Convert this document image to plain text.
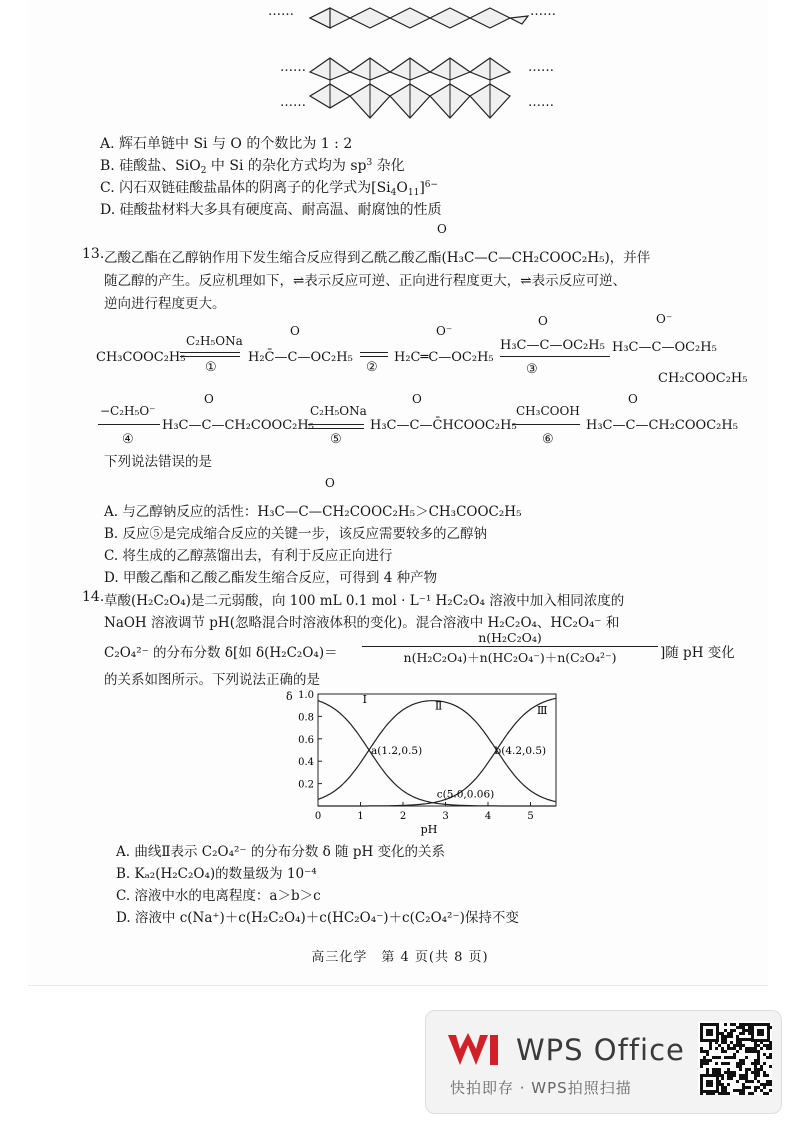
……	……
……	……
……	……
A. 辉石单链中 Si 与 O 的个数比为 1 : 2
B. 硅酸盐、SiO$_2$ 中 Si 的杂化方式均为 $sp^3$ 杂化
C. 闪石双链硅酸盐晶体的阴离子的化学式为$[Si_4O_{11}]^{6-}$
D. 硅酸盐材料大多具有硬度高、耐高温、耐腐蚀的性质
O
13. 乙酸乙酯在乙醇钠作用下发生缩合反应得到乙酰乙酸乙酯(H₃C—C—CH₂COOC₂H₅)，并伴
随乙醇的产生。反应机理如下，⇌表示反应可逆、正向进行程度更大，⇌表示反应可逆、
逆向进行程度更大。
CH₃COOC₂H₅
C₂H₅ONa
①
O
H₂C̄—C—OC₂H₅
②
O⁻
H₂C═C—OC₂H₅
O
H₃C—C—OC₂H₅
③
O⁻
H₃C—C—OC₂H₅
CH₂COOC₂H₅
−C₂H₅O⁻
④
O
H₃C—C—CH₂COOC₂H₅
C₂H₅ONa
⑤
O
H₃C—C—C̄HCOOC₂H₅
CH₃COOH
⑥
O
H₃C—C—CH₂COOC₂H₅
下列说法错误的是
O
A. 与乙醇钠反应的活性：H₃C—C—CH₂COOC₂H₅＞CH₃COOC₂H₅
B. 反应⑤是完成缩合反应的关键一步，该反应需要较多的乙醇钠
C. 将生成的乙醇蒸馏出去，有利于反应正向进行
D. 甲酸乙酯和乙酸乙酯发生缩合反应，可得到 4 种产物
14. 草酸(H₂C₂O₄)是二元弱酸，向 100 mL 0.1 mol · L⁻¹ H₂C₂O₄ 溶液中加入相同浓度的
NaOH 溶液调节 pH(忽略混合时溶液体积的变化)。混合溶液中 H₂C₂O₄、HC₂O₄⁻ 和
C₂O₄²⁻ 的分布分数 δ[如 δ(H₂C₂O₄)＝
n(H₂C₂O₄)
n(H₂C₂O₄)＋n(HC₂O₄⁻)＋n(C₂O₄²⁻)	]随 pH 变化
的关系如图所示。下列说法正确的是
δ
0.2
0.4
0.6
0.8
1.0
0	1	2	3	4	5
pH
Ⅰ
Ⅱ	Ⅲ
a(1.2,0.5)	b(4.2,0.5)
c(5.0,0.06)
A. 曲线Ⅱ表示 C₂O₄²⁻ 的分布分数 δ 随 pH 变化的关系
B. Kₐ₂(H₂C₂O₄)的数量级为 10⁻⁴
C. 溶液中水的电离程度：a＞b＞c
D. 溶液中 c(Na⁺)＋c(H₂C₂O₄)＋c(HC₂O₄⁻)＋c(C₂O₄²⁻)保持不变
高三化学　第 4 页(共 8 页)
WPS Office
快拍即存 · WPS拍照扫描
